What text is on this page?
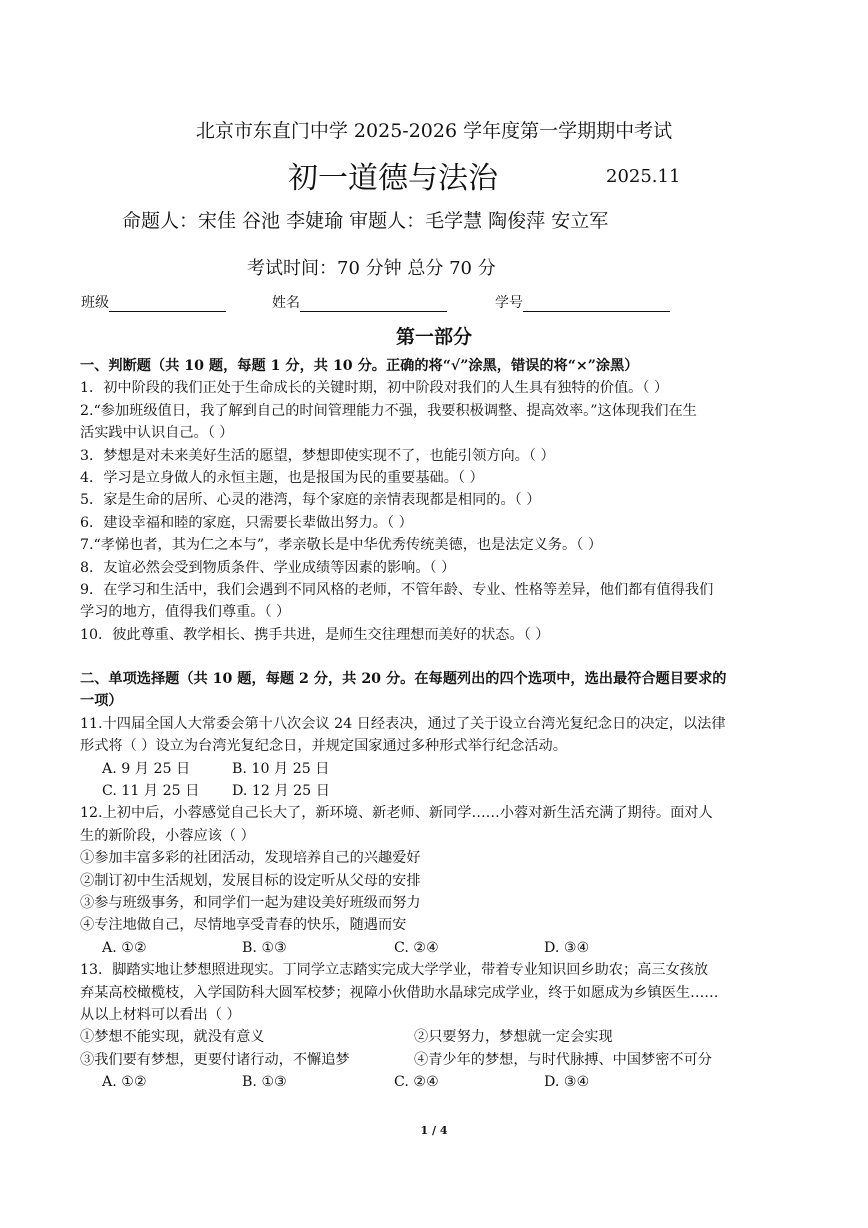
北京市东直门中学 2025-2026 学年度第一学期期中考试
初一道德与法治	2025.11
命题人：宋佳 谷池 李婕瑜 审题人：毛学慧 陶俊萍 安立军
考试时间：70 分钟 总分 70 分
班级	姓名	学号
第一部分
一、判断题（共 10 题，每题 1 分，共 10 分。正确的将“√”涂黑，错误的将“×”涂黑）
1．初中阶段的我们正处于生命成长的关键时期，初中阶段对我们的人生具有独特的价值。（ ）
2.“参加班级值日，我了解到自己的时间管理能力不强，我要积极调整、提高效率。”这体现我们在生
活实践中认识自己。（ ）
3．梦想是对未来美好生活的愿望，梦想即使实现不了，也能引领方向。（ ）
4．学习是立身做人的永恒主题，也是报国为民的重要基础。（ ）
5．家是生命的居所、心灵的港湾，每个家庭的亲情表现都是相同的。（ ）
6．建设幸福和睦的家庭，只需要长辈做出努力。（ ）
7.“孝悌也者，其为仁之本与”，孝亲敬长是中华优秀传统美德，也是法定义务。（ ）
8．友谊必然会受到物质条件、学业成绩等因素的影响。（ ）
9．在学习和生活中，我们会遇到不同风格的老师，不管年龄、专业、性格等差异，他们都有值得我们
学习的地方，值得我们尊重。（ ）
10．彼此尊重、教学相长、携手共进，是师生交往理想而美好的状态。（ ）
二、单项选择题（共 10 题，每题 2 分，共 20 分。在每题列出的四个选项中，选出最符合题目要求的
一项）
11.十四届全国人大常委会第十八次会议 24 日经表决，通过了关于设立台湾光复纪念日的决定，以法律
形式将（ ）设立为台湾光复纪念日，并规定国家通过多种形式举行纪念活动。
A. 9 月 25 日	B. 10 月 25 日
C. 11 月 25 日 D. 12 月 25 日
12.上初中后，小蓉感觉自己长大了，新环境、新老师、新同学……小蓉对新生活充满了期待。面对人
生的新阶段，小蓉应该（ ）
①参加丰富多彩的社团活动，发现培养自己的兴趣爱好
②制订初中生活规划，发展目标的设定听从父母的安排
③参与班级事务，和同学们一起为建设美好班级而努力
④专注地做自己，尽情地享受青春的快乐，随遇而安
A. ①②	B. ①③	C. ②④	D. ③④
13．脚踏实地让梦想照进现实。丁同学立志踏实完成大学学业，带着专业知识回乡助农；高三女孩放
弃某高校橄榄枝，入学国防科大圆军校梦；视障小伙借助水晶球完成学业，终于如愿成为乡镇医生……
从以上材料可以看出（ ）
①梦想不能实现，就没有意义	②只要努力，梦想就一定会实现
③我们要有梦想，更要付诸行动，不懈追梦	④青少年的梦想，与时代脉搏、中国梦密不可分
A. ①②	B. ①③	C. ②④	D. ③④
1 / 4
